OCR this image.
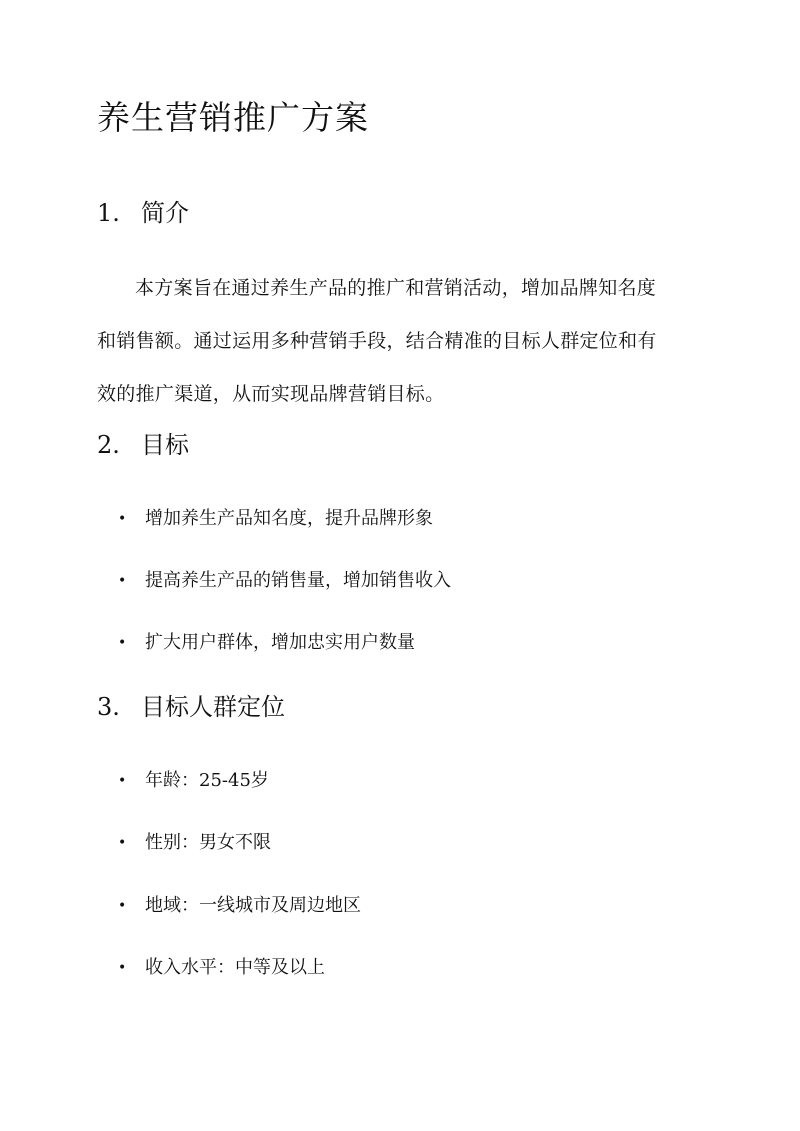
养生营销推广方案
1. 简介

本方案旨在通过养生产品的推广和营销活动，增加品牌知名度
和销售额。通过运用多种营销手段，结合精准的目标人群定位和有
效的推广渠道，从而实现品牌营销目标。

2. 目标
• 增加养生产品知名度，提升品牌形象
• 提高养生产品的销售量，增加销售收入
• 扩大用户群体，增加忠实用户数量
3. 目标人群定位
• 年龄：25-45岁
• 性别：男女不限
• 地域：一线城市及周边地区
• 收入水平：中等及以上
